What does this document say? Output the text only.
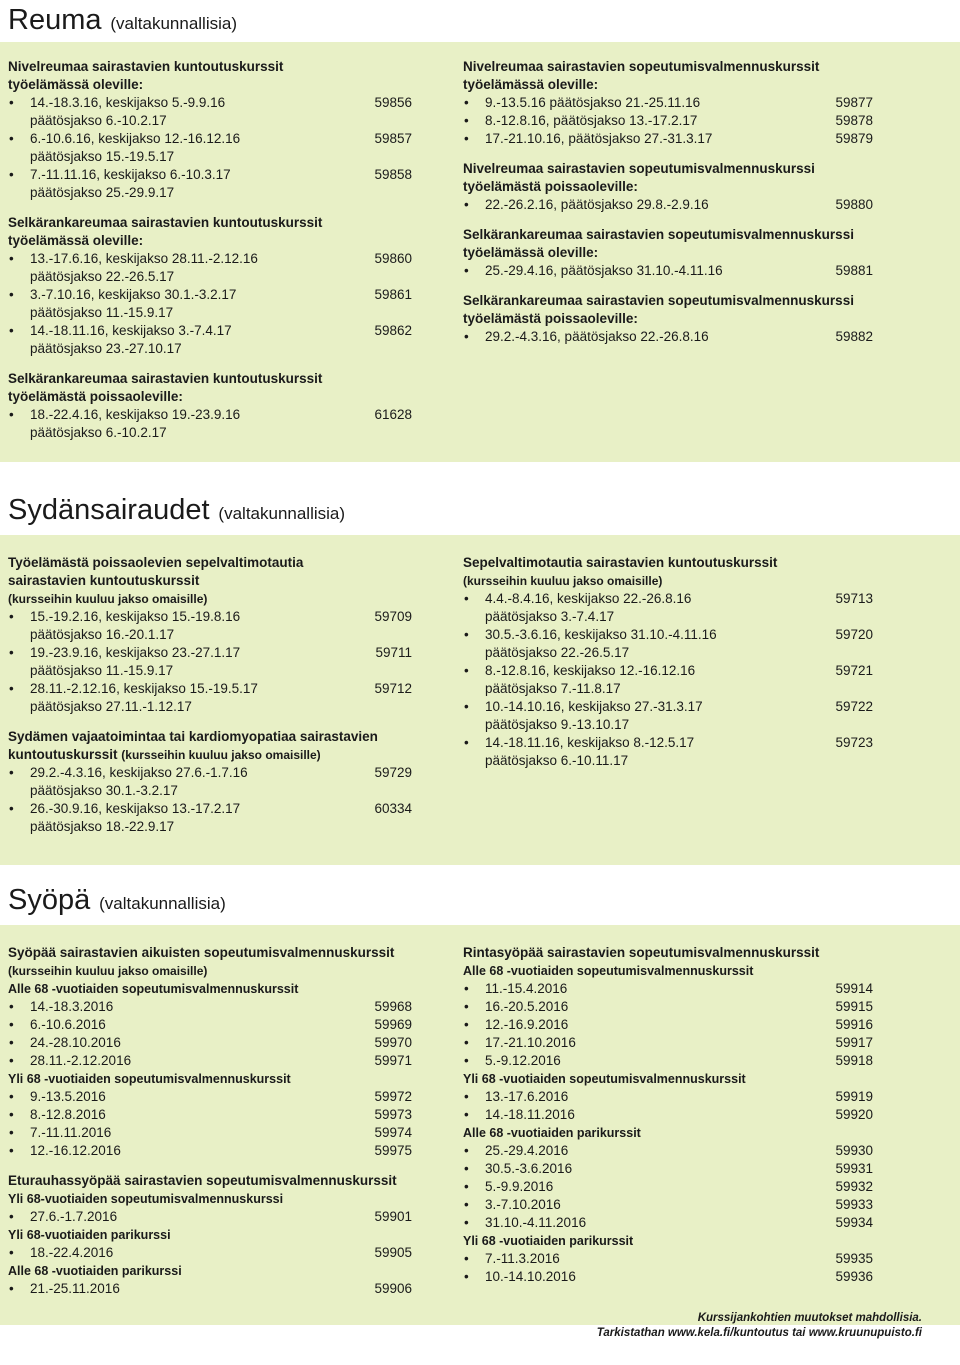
Reuma (valtakunnallisia)
Nivelreumaa sairastavien kuntoutuskurssit
työelämässä oleville:
• 14.-18.3.16, keskijakso 5.-9.9.16	59856
päätösjakso 6.-10.2.17
• 6.-10.6.16, keskijakso 12.-16.12.16	59857
päätösjakso 15.-19.5.17
• 7.-11.11.16, keskijakso 6.-10.3.17	59858
päätösjakso 25.-29.9.17
Selkärankareumaa sairastavien kuntoutuskurssit
työelämässä oleville:
• 13.-17.6.16, keskijakso 28.11.-2.12.16	59860
päätösjakso 22.-26.5.17
• 3.-7.10.16, keskijakso 30.1.-3.2.17	59861
päätösjakso 11.-15.9.17
• 14.-18.11.16, keskijakso 3.-7.4.17	59862
päätösjakso 23.-27.10.17
Selkärankareumaa sairastavien kuntoutuskurssit
työelämästä poissaoleville:
• 18.-22.4.16, keskijakso 19.-23.9.16	61628
päätösjakso 6.-10.2.17
Nivelreumaa sairastavien sopeutumisvalmennuskurssit
työelämässä oleville:
• 9.-13.5.16 päätösjakso 21.-25.11.16	59877
• 8.-12.8.16, päätösjakso 13.-17.2.17	59878
• 17.-21.10.16, päätösjakso 27.-31.3.17	59879
Nivelreumaa sairastavien sopeutumisvalmennuskurssi
työelämästä poissaoleville:
• 22.-26.2.16, päätösjakso 29.8.-2.9.16	59880
Selkärankareumaa sairastavien sopeutumisvalmennuskurssi
työelämässä oleville:
• 25.-29.4.16, päätösjakso 31.10.-4.11.16	59881
Selkärankareumaa sairastavien sopeutumisvalmennuskurssi
työelämästä poissaoleville:
• 29.2.-4.3.16, päätösjakso 22.-26.8.16	59882
Sydänsairaudet (valtakunnallisia)
Työelämästä poissaolevien sepelvaltimotautia
sairastavien kuntoutuskurssit
(kursseihin kuuluu jakso omaisille)
• 15.-19.2.16, keskijakso 15.-19.8.16	59709
päätösjakso 16.-20.1.17
• 19.-23.9.16, keskijakso 23.-27.1.17	59711
päätösjakso 11.-15.9.17
• 28.11.-2.12.16, keskijakso 15.-19.5.17	59712
päätösjakso 27.11.-1.12.17
Sydämen vajaatoimintaa tai kardiomyopatiaa sairastavien
kuntoutuskurssit (kursseihin kuuluu jakso omaisille)
• 29.2.-4.3.16, keskijakso 27.6.-1.7.16	59729
päätösjakso 30.1.-3.2.17
• 26.-30.9.16, keskijakso 13.-17.2.17	60334
päätösjakso 18.-22.9.17
Sepelvaltimotautia sairastavien kuntoutuskurssit
(kursseihin kuuluu jakso omaisille)
• 4.4.-8.4.16, keskijakso 22.-26.8.16	59713
päätösjakso 3.-7.4.17
• 30.5.-3.6.16, keskijakso 31.10.-4.11.16	59720
päätösjakso 22.-26.5.17
• 8.-12.8.16, keskijakso 12.-16.12.16	59721
päätösjakso 7.-11.8.17
• 10.-14.10.16, keskijakso 27.-31.3.17	59722
päätösjakso 9.-13.10.17
• 14.-18.11.16, keskijakso 8.-12.5.17	59723
päätösjakso 6.-10.11.17
Syöpä (valtakunnallisia)
Syöpää sairastavien aikuisten sopeutumisvalmennuskurssit
(kursseihin kuuluu jakso omaisille)
Alle 68 -vuotiaiden sopeutumisvalmennuskurssit
• 14.-18.3.2016	59968
• 6.-10.6.2016	59969
• 24.-28.10.2016	59970
• 28.11.-2.12.2016	59971
Yli 68 -vuotiaiden sopeutumisvalmennuskurssit
• 9.-13.5.2016	59972
• 8.-12.8.2016	59973
• 7.-11.11.2016	59974
• 12.-16.12.2016	59975
Eturauhassyöpää sairastavien sopeutumisvalmennuskurssit
Yli 68-vuotiaiden sopeutumisvalmennuskurssi
• 27.6.-1.7.2016	59901
Yli 68-vuotiaiden parikurssi
• 18.-22.4.2016	59905
Alle 68 -vuotiaiden parikurssi
• 21.-25.11.2016	59906
Rintasyöpää sairastavien sopeutumisvalmennuskurssit
Alle 68 -vuotiaiden sopeutumisvalmennuskurssit
• 11.-15.4.2016	59914
• 16.-20.5.2016	59915
• 12.-16.9.2016	59916
• 17.-21.10.2016	59917
• 5.-9.12.2016	59918
Yli 68 -vuotiaiden sopeutumisvalmennuskurssit
• 13.-17.6.2016	59919
• 14.-18.11.2016	59920
Alle 68 -vuotiaiden parikurssit
• 25.-29.4.2016	59930
• 30.5.-3.6.2016	59931
• 5.-9.9.2016	59932
• 3.-7.10.2016	59933
• 31.10.-4.11.2016	59934
Yli 68 -vuotiaiden parikurssit
• 7.-11.3.2016	59935
• 10.-14.10.2016	59936
Kurssijankohtien muutokset mahdollisia.
Tarkistathan www.kela.fi/kuntoutus tai www.kruunupuisto.fi
